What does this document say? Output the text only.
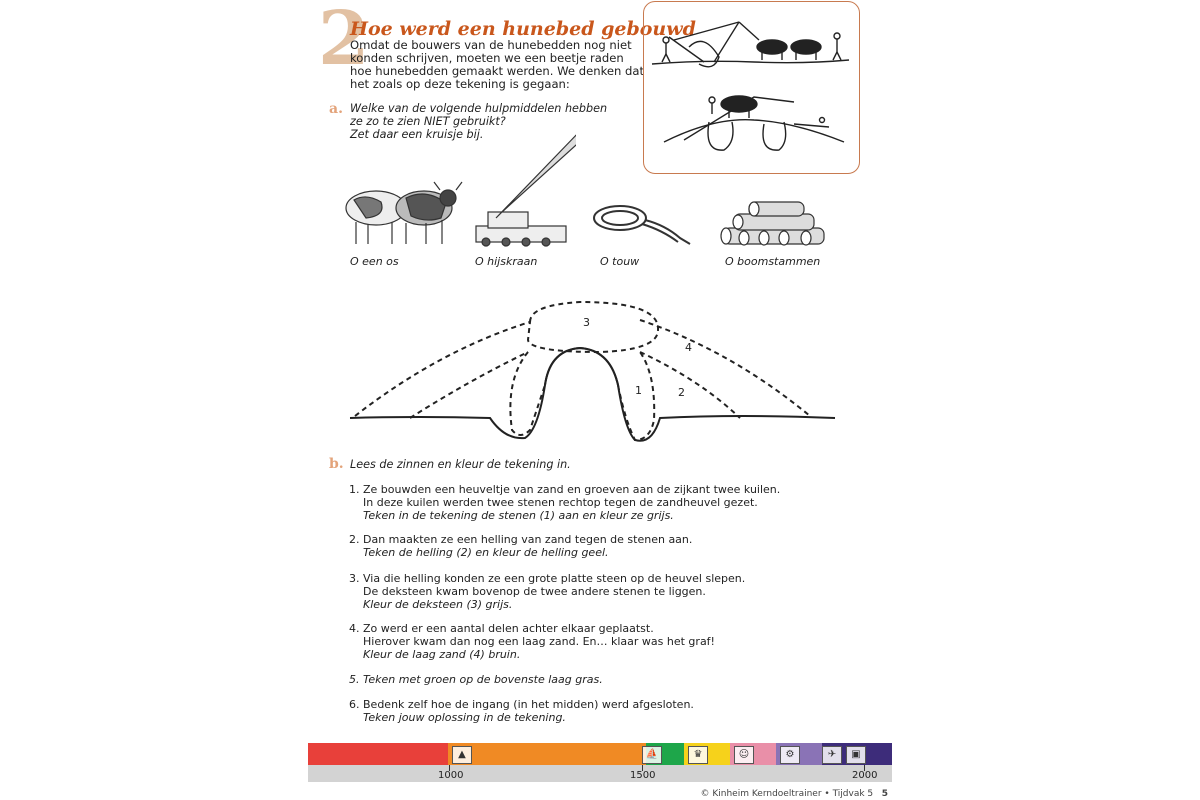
2
Hoe werd een hunebed gebouwd
Omdat de bouwers van de hunebedden nog niet konden schrijven, moeten we een beetje raden hoe hunebedden gemaakt werden. We denken dat het zoals op deze tekening is gegaan:
a. Welke van de volgende hulpmiddelen hebben
ze zo te zien NIET gebruikt?
Zet daar een kruisje bij.
O een os	O hijskraan	O touw	O boomstammen
3
4
1	2
b. Lees de zinnen en kleur de tekening in.
1. Ze bouwden een heuveltje van zand en groeven aan de zijkant twee kuilen.
In deze kuilen werden twee stenen rechtop tegen de zandheuvel gezet.
Teken in de tekening de stenen (1) aan en kleur ze grijs.
2. Dan maakten ze een helling van zand tegen de stenen aan.
Teken de helling (2) en kleur de helling geel.
3. Via die helling konden ze een grote platte steen op de heuvel slepen.
De deksteen kwam bovenop de twee andere stenen te liggen.
Kleur de deksteen (3) grijs.
4. Zo werd er een aantal delen achter elkaar geplaatst.
Hierover kwam dan nog een laag zand. En… klaar was het graf!
Kleur de laag zand (4) bruin.
5. Teken met groen op de bovenste laag gras.
6. Bedenk zelf hoe de ingang (in het midden) werd afgesloten.
Teken jouw oplossing in de tekening.
▲	⛵	♛	☺	⚙	✈	▣
1000	1500	2000
© Kinheim Kerndoeltrainer • Tijdvak 5 5
